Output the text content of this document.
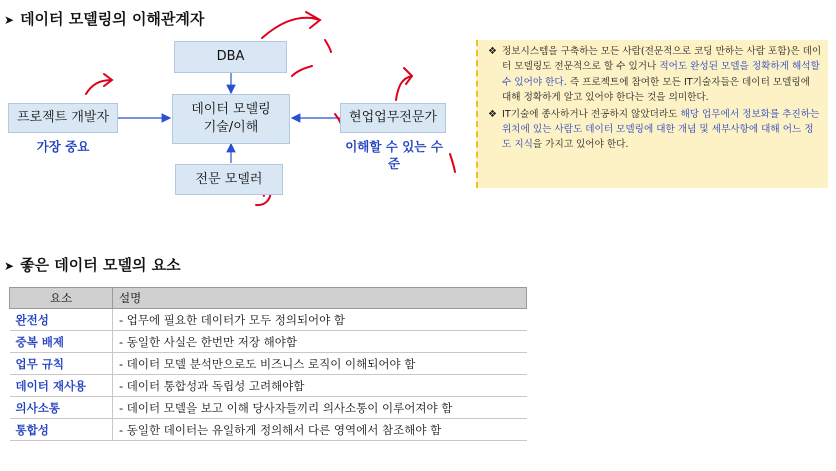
➤ 데이터 모델링의 이해관계자
DBA
데이터 모델링
기술/이해
프로젝트 개발자	현업업무전문가
전문 모델러
가장 중요	이해할 수 있는 수
준
❖ 정보시스템을 구축하는 모든 사람(전문적으로 코딩 만하는 사람 포함)은 데이터 모델링도 전문적으로 할 수 있거나 적어도 완성된 모델을 정확하게 해석할 수 있어야 한다. 즉 프로젝트에 참여한 모든 IT기술자들은 데이터 모델링에 대해 정확하게 알고 있어야 한다는 것을 의미한다.
❖ IT기술에 종사하거나 전공하지 않았더라도 해당 업무에서 정보화를 추진하는 위치에 있는 사람도 데이터 모델링에 대한 개념 및 세부사항에 대해 어느 정도 지식을 가지고 있어야 한다.
➤ 좋은 데이터 모델의 요소
요소	설명
완전성	- 업무에 필요한 데이터가 모두 정의되어야 함
중복 배제	- 동일한 사실은 한번만 저장 해야함
업무 규칙	- 데이터 모델 분석만으로도 비즈니스 로직이 이해되어야 함
데이터 재사용	- 데이터 통합성과 독립성 고려해야함
의사소통	- 데이터 모델을 보고 이해 당사자들끼리 의사소통이 이루어져야 함
통합성	- 동일한 데이터는 유일하게 정의해서 다른 영역에서 참조해야 함
